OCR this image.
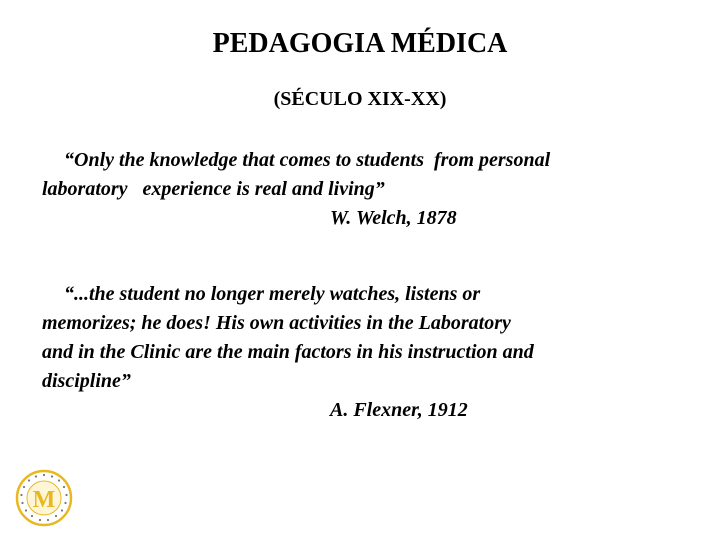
PEDAGOGIA MÉDICA
(SÉCULO XIX-XX)
“Only the knowledge that comes to students  from personal
laboratory   experience is real and living”
W. Welch, 1878
“...the student no longer merely watches, listens or
memorizes; he does! His own activities in the Laboratory
and in the Clinic are the main factors in his instruction and
discipline”
A. Flexner, 1912
M
